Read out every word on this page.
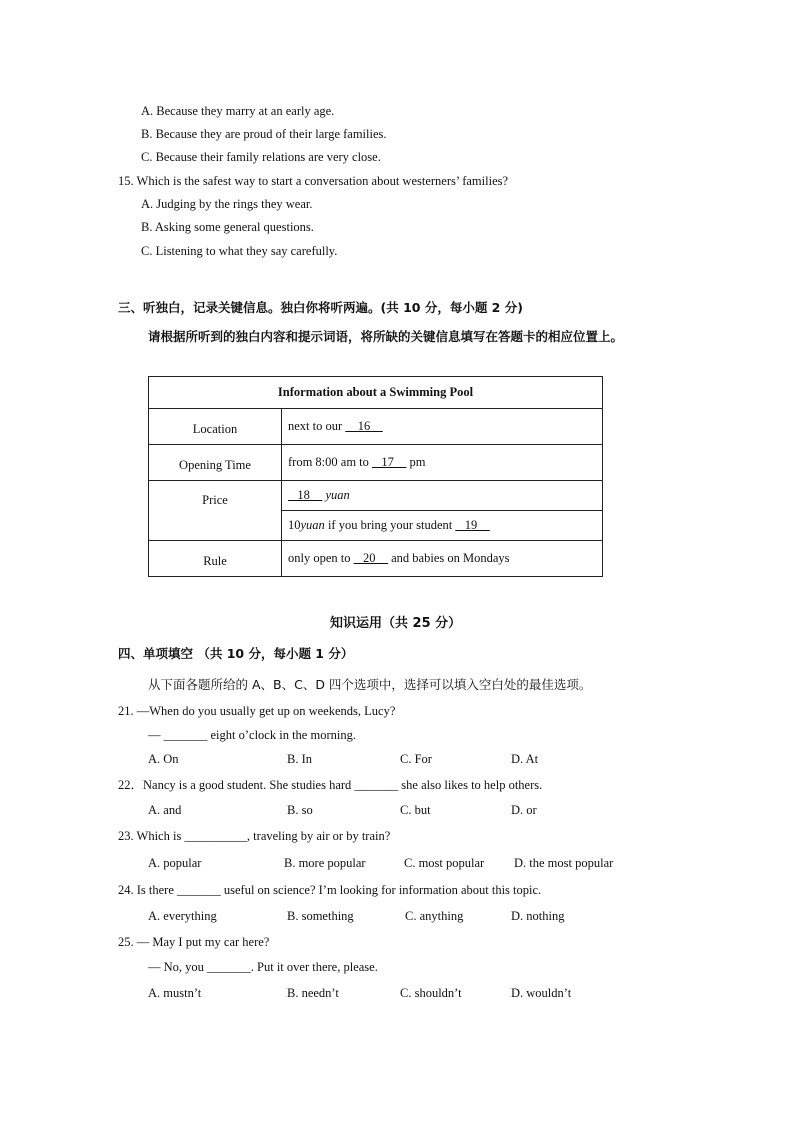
A. Because they marry at an early age.
B. Because they are proud of their large families.
C. Because their family relations are very close.
15. Which is the safest way to start a conversation about westerners’ families?
A. Judging by the rings they wear.
B. Asking some general questions.
C. Listening to what they say carefully.
三、听独白，记录关键信息。独白你将听两遍。(共 10 分，每小题 2 分)
请根据所听到的独白内容和提示词语，将所缺的关键信息填写在答题卡的相应位置上。
Information about a Swimming Pool	
Location	next to our     16
Opening Time	from 8:00 am to    17     pm
Price	18     yuan
	10yuan if you bring your student    19
Rule	only open to    20     and babies on Mondays
知识运用（共 25 分）
四、单项填空 （共 10 分，每小题 1 分）
从下面各题所给的 A、B、C、D 四个选项中，选择可以填入空白处的最佳选项。
21. —When do you usually get up on weekends, Lucy?
— _______ eight o’clock in the morning.
A. On	B. In	C. For	D. At
22．Nancy is a good student. She studies hard _______ she also likes to help others.
A. and	B. so	C. but	D. or
23. Which is __________, traveling by air or by train?
A. popular	B. more popular	C. most popular D. the most popular
24. Is there _______ useful on science? I’m looking for information about this topic.
A. everything	B. something	C. anything	D. nothing
25. — May I put my car here?
— No, you _______. Put it over there, please.
A. mustn’t	B. needn’t	C. shouldn’t	D. wouldn’t
